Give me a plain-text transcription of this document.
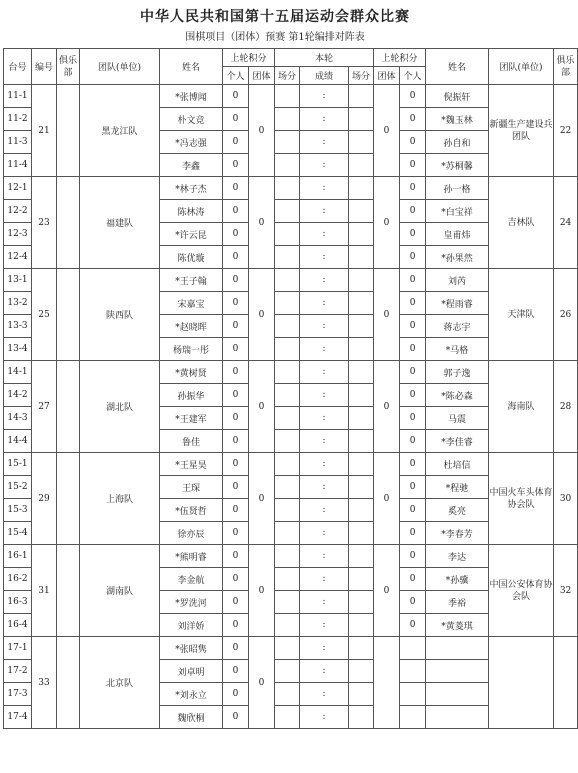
中华人民共和国第十五届运动会群众比赛
围棋项目（团体）预赛 第1轮编排对阵表
台号	编号	俱乐部	团队(单位)	姓名	上轮积分		本轮			上轮积分		姓名	团队(单位)	俱乐部
					个人	团体	场分	成绩	场分	团体	个人			
11-1	21		黑龙江队	*张博闻	0	0		:		0	0	倪振轩	新疆生产建设兵团队	22
11-2				朴文竞	0			:			0	*魏玉林		
11-3				*冯志强	0			:			0	孙自和		
11-4				李鑫	0			:			0	*苏桐馨		
12-1	23		福建队	*林子杰	0	0		:		0	0	孙一格	吉林队	24
12-2				陈林涛	0			:			0	*白宝祥		
12-3				*许云昆	0			:			0	皇甫炜		
12-4				陈优璇	0			:			0	*孙果然		
13-1	25		陕西队	*王子翰	0	0		:		0	0	刘芮	天津队	26
13-2				宋嘉宝	0			:			0	*程雨睿		
13-3				*赵晓晖	0			:			0	蒋志宇		
13-4				杨瑞一彤	0			:			0	*马格		
14-1	27		湖北队	*黄树贤	0	0		:		0	0	郭子逸	海南队	28
14-2				孙振华	0			:			0	*陈必森		
14-3				*王建军	0			:			0	马震		
14-4				鲁佳	0			:			0	*李佳睿		
15-1	29		上海队	*王星昊	0	0		:		0	0	杜培信	中国火车头体育协会队	30
15-2				王琛	0			:			0	*程驰		
15-3				*伍贤哲	0			:			0	奚亮		
15-4				徐亦辰	0			:			0	*李春芳		
16-1	31		湖南队	*熊明睿	0	0		:		0	0	李达	中国公安体育协会队	32
16-2				李金航	0			:			0	*孙骥		
16-3				*罗洗河	0			:			0	季裕		
16-4				刘洋娇	0			:			0	*黄菱琪		
17-1	33		北京队	*张昭隽	0	0		:						
17-2				刘卓明	0			:						
17-3				*刘永立	0			:						
17-4				魏欣桐	0			:						
